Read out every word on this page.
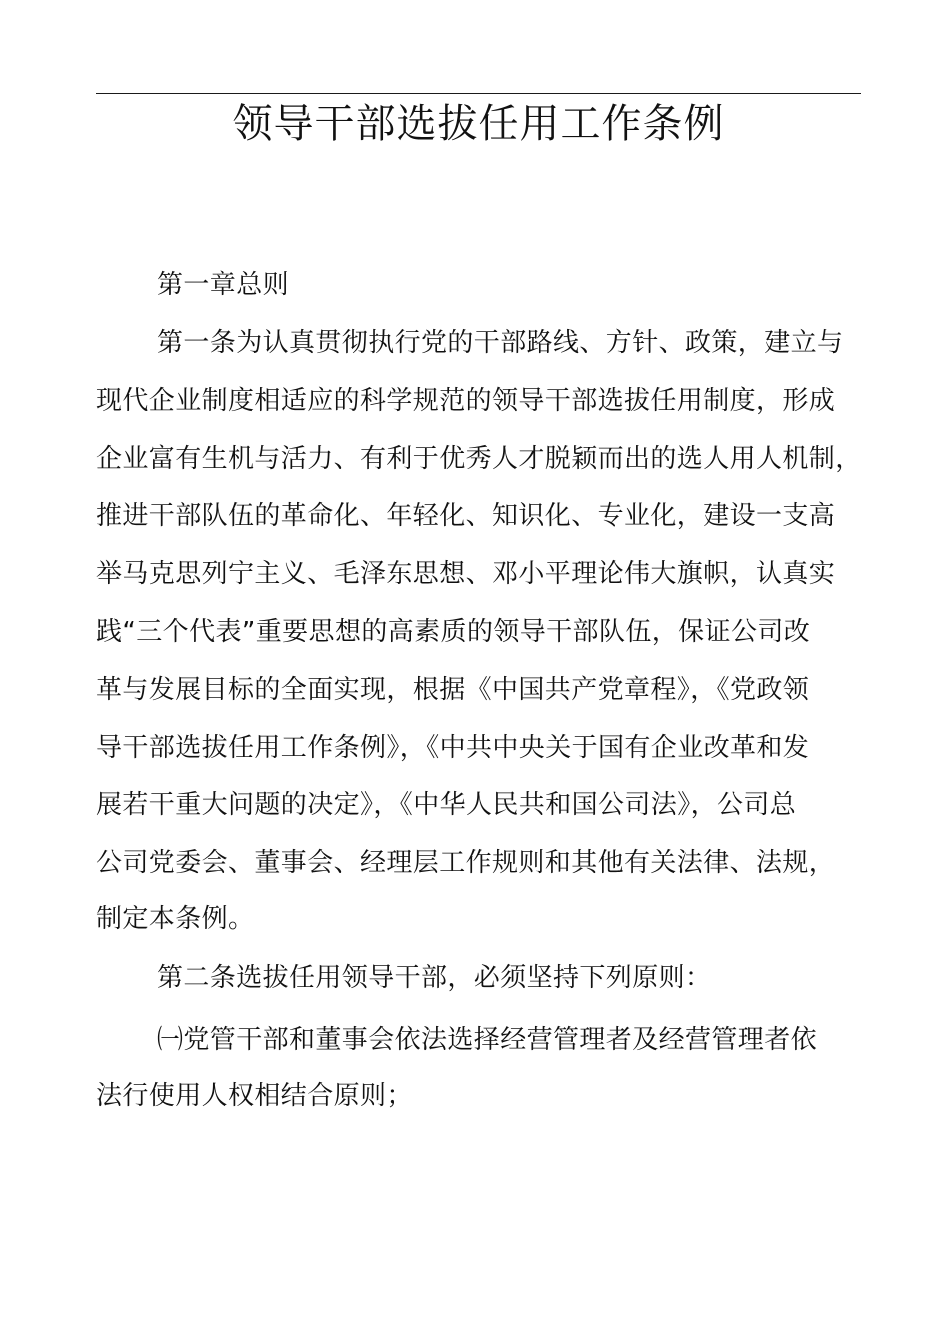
领导干部选拔任用工作条例
第一章总则
第一条为认真贯彻执行党的干部路线、方针、政策，建立与
现代企业制度相适应的科学规范的领导干部选拔任用制度，形成
企业富有生机与活力、有利于优秀人才脱颖而出的选人用人机制，
推进干部队伍的革命化、年轻化、知识化、专业化，建设一支高
举马克思列宁主义、毛泽东思想、邓小平理论伟大旗帜，认真实
践“三个代表”重要思想的高素质的领导干部队伍，保证公司改
革与发展目标的全面实现，根据《中国共产党章程》，《党政领
导干部选拔任用工作条例》，《中共中央关于国有企业改革和发
展若干重大问题的决定》，《中华人民共和国公司法》，公司总
公司党委会、董事会、经理层工作规则和其他有关法律、法规，
制定本条例。
第二条选拔任用领导干部，必须坚持下列原则：
㈠党管干部和董事会依法选择经营管理者及经营管理者依
法行使用人权相结合原则；
